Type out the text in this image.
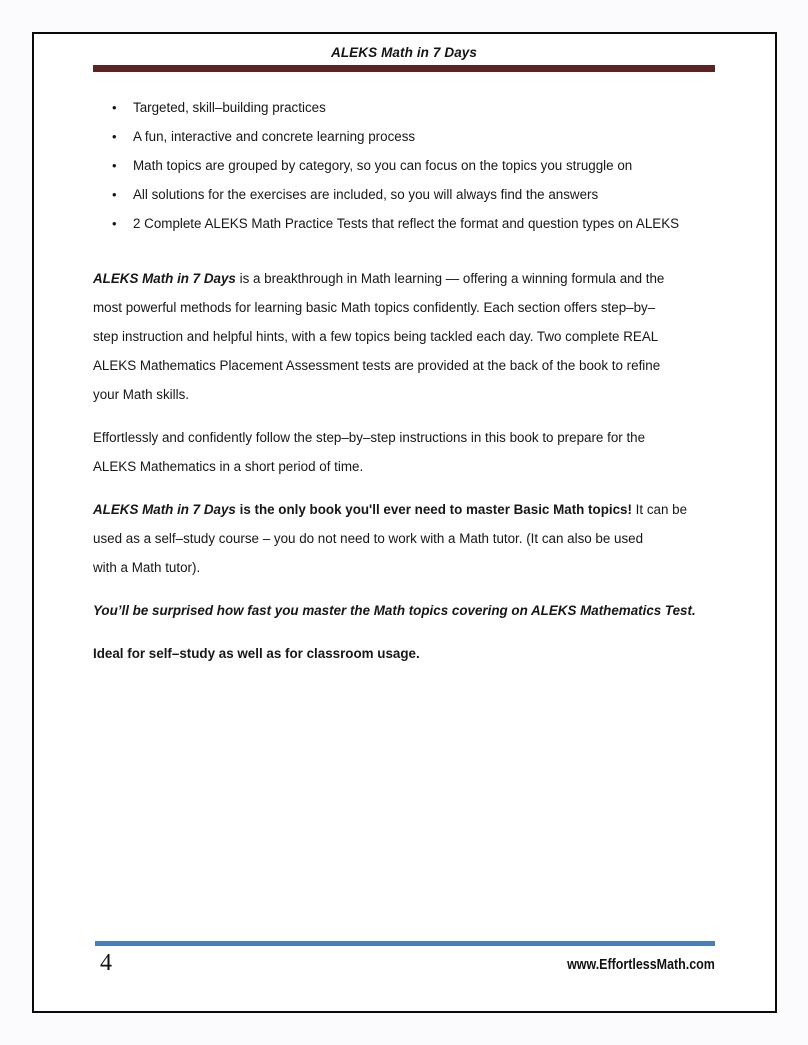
ALEKS Math in 7 Days
• Targeted, skill–building practices
• A fun, interactive and concrete learning process
• Math topics are grouped by category, so you can focus on the topics you struggle on
• All solutions for the exercises are included, so you will always find the answers
• 2 Complete ALEKS Math Practice Tests that reflect the format and question types on ALEKS

ALEKS Math in 7 Days is a breakthrough in Math learning — offering a winning formula and the
most powerful methods for learning basic Math topics confidently. Each section offers step–by–
step instruction and helpful hints, with a few topics being tackled each day. Two complete REAL
ALEKS Mathematics Placement Assessment tests are provided at the back of the book to refine
your Math skills.

Effortlessly and confidently follow the step–by–step instructions in this book to prepare for the
ALEKS Mathematics in a short period of time.

ALEKS Math in 7 Days is the only book you'll ever need to master Basic Math topics! It can be
used as a self–study course – you do not need to work with a Math tutor. (It can also be used
with a Math tutor).

You’ll be surprised how fast you master the Math topics covering on ALEKS Mathematics Test.

Ideal for self–study as well as for classroom usage.

4	www.EffortlessMath.com
